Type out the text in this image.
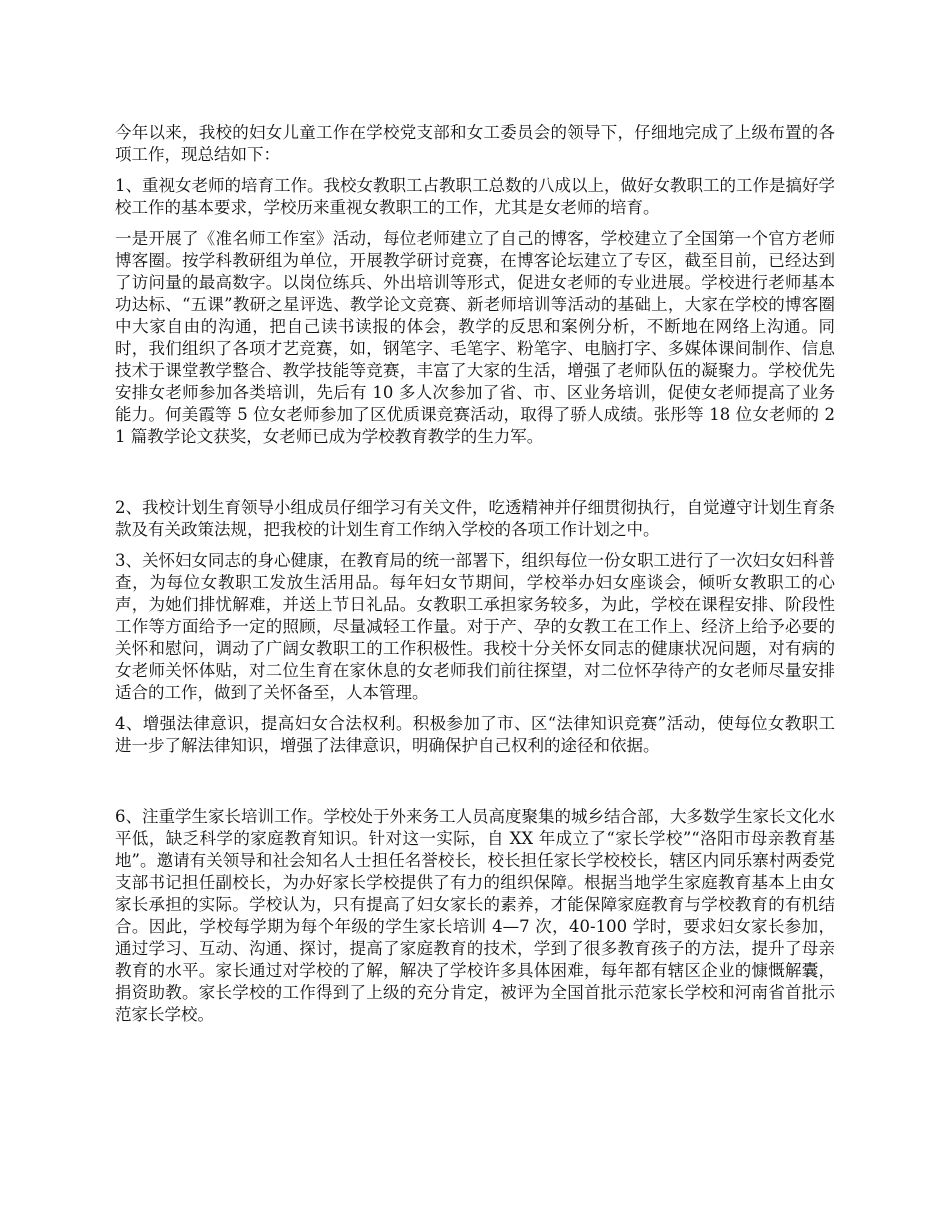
今年以来，我校的妇女儿童工作在学校党支部和女工委员会的领导下，仔细地完成了上级布置的各项工作，现总结如下：

1、重视女老师的培育工作。我校女教职工占教职工总数的八成以上，做好女教职工的工作是搞好学校工作的基本要求，学校历来重视女教职工的工作，尤其是女老师的培育。

一是开展了《准名师工作室》活动，每位老师建立了自己的博客，学校建立了全国第一个官方老师博客圈。按学科教研组为单位，开展教学研讨竞赛，在博客论坛建立了专区，截至目前，已经达到了访问量的最高数字。以岗位练兵、外出培训等形式，促进女老师的专业进展。学校进行老师基本功达标、“五课”教研之星评选、教学论文竞赛、新老师培训等活动的基础上，大家在学校的博客圈中大家自由的沟通，把自己读书读报的体会，教学的反思和案例分析，不断地在网络上沟通。同时，我们组织了各项才艺竞赛，如，钢笔字、毛笔字、粉笔字、电脑打字、多媒体课间制作、信息技术于课堂教学整合、教学技能等竞赛，丰富了大家的生活，增强了老师队伍的凝聚力。学校优先安排女老师参加各类培训，先后有 10 多人次参加了省、市、区业务培训，促使女老师提高了业务能力。何美霞等 5 位女老师参加了区优质课竞赛活动，取得了骄人成绩。张彤等 18 位女老师的 21 篇教学论文获奖，女老师已成为学校教育教学的生力军。

2、我校计划生育领导小组成员仔细学习有关文件，吃透精神并仔细贯彻执行，自觉遵守计划生育条款及有关政策法规，把我校的计划生育工作纳入学校的各项工作计划之中。

3、关怀妇女同志的身心健康，在教育局的统一部署下，组织每位一份女职工进行了一次妇女妇科普查，为每位女教职工发放生活用品。每年妇女节期间，学校举办妇女座谈会，倾听女教职工的心声，为她们排忧解难，并送上节日礼品。女教职工承担家务较多，为此，学校在课程安排、阶段性工作等方面给予一定的照顾，尽量减轻工作量。对于产、孕的女教工在工作上、经济上给予必要的关怀和慰问，调动了广阔女教职工的工作积极性。我校十分关怀女同志的健康状况问题，对有病的女老师关怀体贴，对二位生育在家休息的女老师我们前往探望，对二位怀孕待产的女老师尽量安排适合的工作，做到了关怀备至，人本管理。

4、增强法律意识，提高妇女合法权利。积极参加了市、区“法律知识竞赛”活动，使每位女教职工进一步了解法律知识，增强了法律意识，明确保护自己权利的途径和依据。

6、注重学生家长培训工作。学校处于外来务工人员高度聚集的城乡结合部，大多数学生家长文化水平低，缺乏科学的家庭教育知识。针对这一实际，自 XX 年成立了“家长学校”“洛阳市母亲教育基地”。邀请有关领导和社会知名人士担任名誉校长，校长担任家长学校校长，辖区内同乐寨村两委党支部书记担任副校长，为办好家长学校提供了有力的组织保障。根据当地学生家庭教育基本上由女家长承担的实际。学校认为，只有提高了妇女家长的素养，才能保障家庭教育与学校教育的有机结合。因此，学校每学期为每个年级的学生家长培训 4—7 次，40-100 学时，要求妇女家长参加，通过学习、互动、沟通、探讨，提高了家庭教育的技术，学到了很多教育孩子的方法，提升了母亲教育的水平。家长通过对学校的了解，解决了学校许多具体困难，每年都有辖区企业的慷慨解囊，捐资助教。家长学校的工作得到了上级的充分肯定，被评为全国首批示范家长学校和河南省首批示范家长学校。
